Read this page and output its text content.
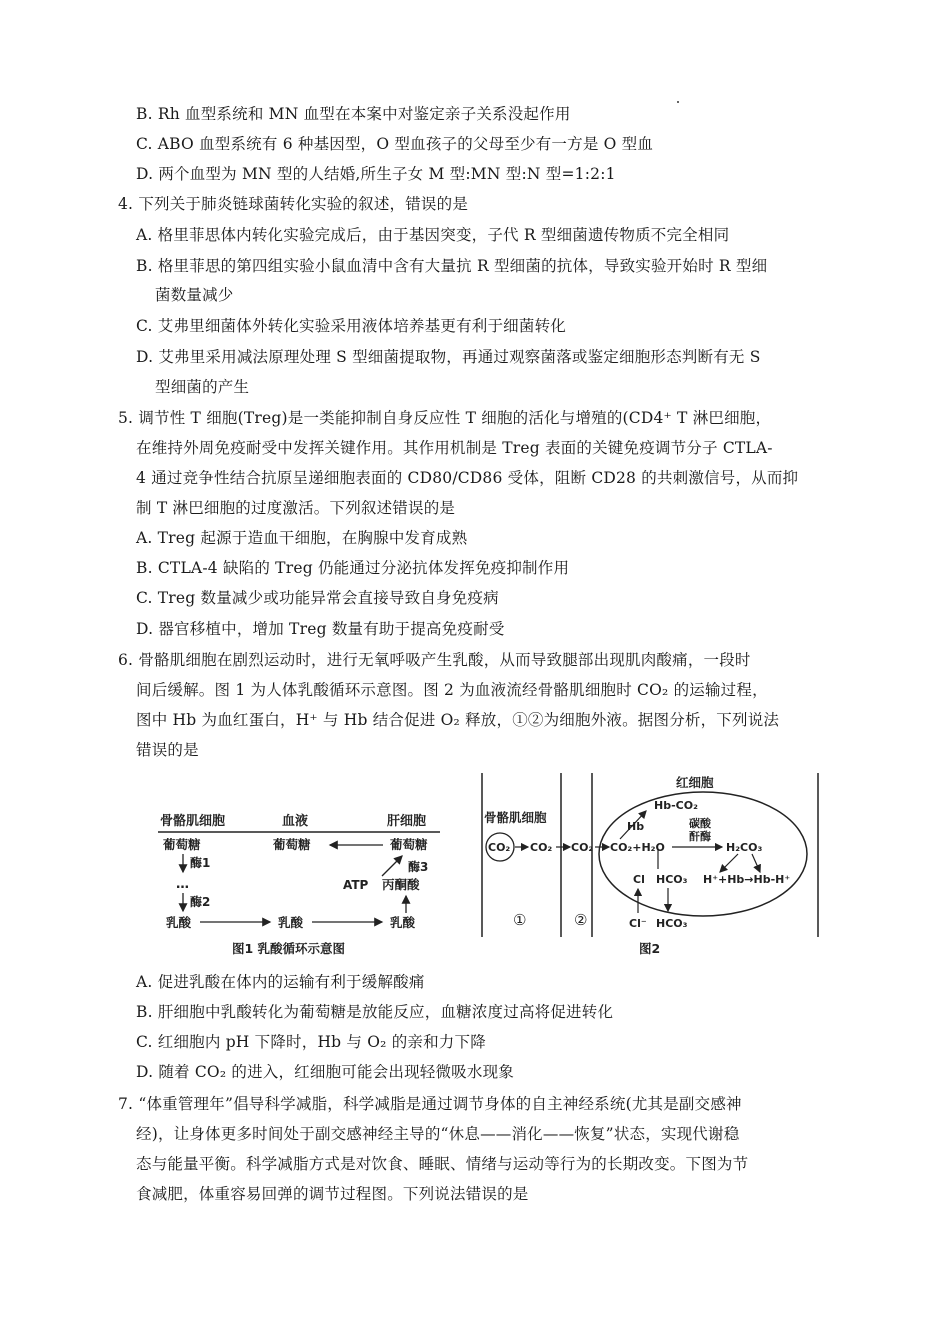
B. Rh 血型系统和 MN 血型在本案中对鉴定亲子关系没起作用
C. ABO 血型系统有 6 种基因型，O 型血孩子的父母至少有一方是 O 型血
D. 两个血型为 MN 型的人结婚,所生子女 M 型:MN 型:N 型=1:2:1
4. 下列关于肺炎链球菌转化实验的叙述，错误的是
A. 格里菲思体内转化实验完成后，由于基因突变，子代 R 型细菌遗传物质不完全相同
B. 格里菲思的第四组实验小鼠血清中含有大量抗 R 型细菌的抗体，导致实验开始时 R 型细
菌数量减少
C. 艾弗里细菌体外转化实验采用液体培养基更有利于细菌转化
D. 艾弗里采用减法原理处理 S 型细菌提取物，再通过观察菌落或鉴定细胞形态判断有无 S
型细菌的产生
5. 调节性 T 细胞(Treg)是一类能抑制自身反应性 T 细胞的活化与增殖的(CD4⁺ T 淋巴细胞，
在维持外周免疫耐受中发挥关键作用。其作用机制是 Treg 表面的关键免疫调节分子 CTLA-
4 通过竞争性结合抗原呈递细胞表面的 CD80/CD86 受体，阻断 CD28 的共刺激信号，从而抑
制 T 淋巴细胞的过度激活。下列叙述错误的是
A. Treg 起源于造血干细胞，在胸腺中发育成熟
B. CTLA-4 缺陷的 Treg 仍能通过分泌抗体发挥免疫抑制作用
C. Treg 数量减少或功能异常会直接导致自身免疫病
D. 器官移植中，增加 Treg 数量有助于提高免疫耐受
6. 骨骼肌细胞在剧烈运动时，进行无氧呼吸产生乳酸，从而导致腿部出现肌肉酸痛，一段时
间后缓解。图 1 为人体乳酸循环示意图。图 2 为血液流经骨骼肌细胞时 CO₂ 的运输过程，
图中 Hb 为血红蛋白，H⁺ 与 Hb 结合促进 O₂ 释放，①②为细胞外液。据图分析，下列说法
错误的是
骨骼肌细胞	血液	肝细胞
葡萄糖	葡萄糖	葡萄糖
酶1
…
酶2
乳酸	乳酸	乳酸
ATP 丙酮酸
酶3
图1 乳酸循环示意图
红细胞
骨骼肌细胞
CO₂ CO₂ CO₂ CO₂+H₂O
Hb-CO₂
Hb	碳酸
酐酶
H₂CO₃
Cl HCO₃ H⁺+Hb→Hb-H⁺
Cl⁻ HCO₃
①	②
图2
A. 促进乳酸在体内的运输有利于缓解酸痛
B. 肝细胞中乳酸转化为葡萄糖是放能反应，血糖浓度过高将促进转化
C. 红细胞内 pH 下降时，Hb 与 O₂ 的亲和力下降
D. 随着 CO₂ 的进入，红细胞可能会出现轻微吸水现象
7. “体重管理年”倡导科学减脂，科学减脂是通过调节身体的自主神经系统(尤其是副交感神
经)，让身体更多时间处于副交感神经主导的“休息——消化——恢复”状态，实现代谢稳
态与能量平衡。科学减脂方式是对饮食、睡眠、情绪与运动等行为的长期改变。下图为节
食减肥，体重容易回弹的调节过程图。下列说法错误的是
